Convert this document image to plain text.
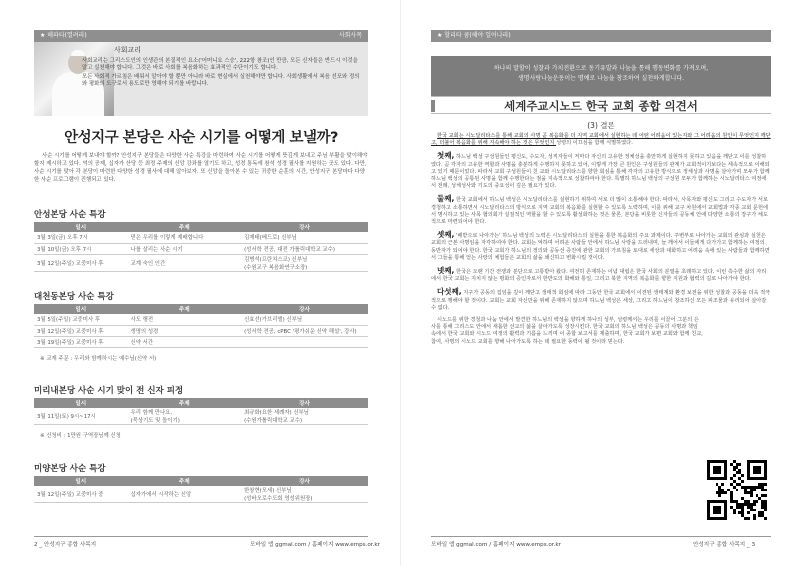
★ 해파타(열려라)	사회사목
사회교리

사회교리는 그리스도인의 인생관의 본질적인 요소('어머니요 스승', 222항 참조)인 만큼, 모든 신자들은 반드시 이것을 알고 실천해야 합니다. 그것은 바로 사회를 복음화하는 효과적인 수단이기도 합니다.

모든 사회적 가르침은 배워서 알아야 할 뿐만 아니라 바로 현실에서 실천해야만 합니다. 사회생활에서 복음 선포와 정의와 평화의 도구로서 용도로만 영해야 되기를 바랍니다.

안성지구 본당은 사순 시기를 어떻게 보낼까?
사순 시기를 어떻게 보내야 할까? 안성지구 본당들은 다양한 사순 특강을 마련하여 사순 시기를 어떻게 뜻깊게 보내고 주님 부활을 맞이해야 할지 제시하고 있다. 억의 공제, 십자가 산당 등 최정 주제의 신앙 강좌를 열기도 하고, 성경 통독에 참석 성경 필사를 지원하는 곳도 있다. 다만, 사순 시기를 맞아 각 본당이 마련한 다양한 성경 필사에 대해 알아보자. 또 신앙을 돌아본 수 있는 귀중한 순훈의 시간, 안성지구 본당마다 다양한 사순 프로그램이 진행되고 있다.
안성본당 사순 특강
일시	주제	강사
3월 3일(금) 오후 7시	믿은 우리를 이렇게 재배합니다	김재태(베드로) 신부님
3월 10일(금) 오후 7시	나를 살리는 사순 시기	(성서학 전공, 대전 가톨릭대학교 교수)
3월 12일(주일) 교중미사 후	교계 숙인 인간	김병석(프란치스코) 신부님
(수원교구 복음화연구소장)
대천동본당 사순 특강
일시	주제	강사
3월 5일(주일) 교중미사 후	사도 행전	신효선(가브리엘) 신부님
3월 12일(주일) 교중미사 후	생명의 성경	(성서학 전공, cPBC '평가쉬운 신약 해설', 강사)
3월 19일(주일) 교중미사 후	신약 서간	
※ 교재 주문 : 우리와 함께하시는 예수님(신약 서)
미리내본당 사순 시기 맞이 전 신자 피정
일시	주제	강사
3월 11일(토) 9시~17시	우리 함께 만나요,
(묵상기도 및 돌이기)	최규화(요한 세례자) 신부님
(수원가톨릭대학교 교수)
※ 신청비 : 1만원 구역장님께 신청
미양본당 사순 특강
일시	주제	강사
3월 12일(주일) 교중미사 중	십자가에서 시작하는 신앙	한창현(모세) 신부님
(성바오로수도회 영성위원장)
2 _ 안성지구 종합 사목지	모바일 앱 ggmal.com / 홈페이지 www.emps.or.kr
★ 할리타 쿰(해야 일어나라)
하나의 말할이 성찰과 가치전환으로 동기유발과 나눔을 통해 행동변화를 가져오며,
생명사랑나눔운동이는 명예로 나눔을 창조하여 실천하게합니다.
세계주교시노드 한국 교회 종합 의견서
(3) 결론

한국 교회는 시노달리타스를 통해 교회의 사명 곧 복음화를 더 지역 교회에서 실현하는 데 어떤 어려움이 있는지와 그 어려움의 원인이 무엇인지 깨닫고, 더불어 복음화를 위해 지속해야 하는 것은 무엇인지 성령의 이끄심을 함께 식별하였다.

첫째, 하느님 백성 구성원들인 평신도, 수도자, 성직자들이 저마다 자신의 고유한 정체성을 충만하게 실현하지 못하고 있음을 깨닫고 이를 성찰하였다. 곧 각자의 고유한 역할과 사명을 충분하게 수행하지 못하고 있어, 이렇게 가장 큰 원인은 구성원들의 관계가 교회적이기보다는 세속적으로 이해되고 있기 때문이었다. 따라서 교회 구성원들이 친 교와 시노달리타스를 향한 회심을 통해 각자의 고유한 방식으로 정체성과 사명을 살아가며 모두가 함께 하느님 백성의 공통된 사명을 함께 수행한다는 점을 지속적으로 성찰하여야 한다. 특별히 하느님 백성의 구성원 모두가 함께하는 시노달리타스 여정에서 전례, 성체성사와 기도의 중요성이 깊은 필요가 있다.

둘째, 한국 교회에서 하느님 백성은 시노달리타스를 실현하기 위하여 서로 더 많이 소통해야 한다. 따라서, 사목자와 평신도 그리고 수도자가 서로 경청하고 소통하면서 시노달리타스의 방식으로 지역 교회의 복음화를 실현할 수 있도록 노력하며, 이를 위해 교구 차원에서 교회법과 각종 교회 문헌에서 명시하고 있는 사목 협의회가 실질적인 역할을 할 수 있도록 활성화하는 것은 물론, 본당을 비롯한 신자들의 공동체 안에 다양한 소통의 장구가 체도적으로 마련되어야 한다.

셋째, '배받으로 나아가는' 하느님 백성의 노력은 시노달리타스의 실현을 통한 복음화의 주요 과제이다. 주변부로 나아가는 교회의 관심과 실천은 교회의 근본 사명임을 자각하여야 한다. 교회는 억하며 어려운 사람들 안에서 하느님 사랑을 드러내며, 늘 깨어서 이들에게 다가가고 함께하는 여정의 동반자가 되어야 한다. 한국 교회가 하느님의 정의와 공동선 증진에 관한 교회의 가르침을 토대로 세상과 대화하고 어려움 속에 있는 사람들과 함께하면서 그들을 통해 얻는 사랑의 체험들은 교회의 삶을 쇄신하고 변화시킬 것이다.

넷째, 한국은 오랜 기간 전쟁과 분단으로 고통받아 왔다. 여전히 존재하는 이념 대립은 한국 사회의 분열을 초래하고 있다. 이런 측수한 삶의 자리에서 한국 교회는 지치지 않는 평화의 증인자로서 한반도의 화해와 통일, 그리고 북한 지역의 복음화를 향한 지원과 협력의 길로 나아가야 한다.

다섯째, 지구가 공동의 집임을 깊이 깨닫고 생태적 회심에 따라 그동안 한국 교회에서 이전된 생태계와 환경 보전을 위한 성찰과 공동을 더욱 적극적으로 행해야 할 것이다. 교회는 교회 자신만을 위해 존재하지 않으며 하느님 백성은 세상, 그리고 하느님이 창조하신 모든 피조물과 유리되어 살아갈 수 없다.

시노드를 위한 경청과 나눔 안에서 발견한 하느님의 백성을 향하게 하나의 성부, 성령께서는 우리를 이끌어 그분의 은사를 통해 그리스도 안에서 새롭한 선교의 삶을 살아가도록 성장시킨다. 한국 교회의 하느님 백성은 공동의 사명과 책임 속에서 한국 교회와 시노드 여정의 활력과 기름을 느끼며 이 종합 보고서를 제출하며, 한국 교회가 보편 교회와 함께 친교, 참여, 사명의 시노드 교회를 향해 나아가도록 하는 데 필요한 동력이 될 것이라 믿는다.

모바일 앱 ggmal.com / 홈페이지 www.emps.or.kr	안성지구 종합 사목지 _ 3
